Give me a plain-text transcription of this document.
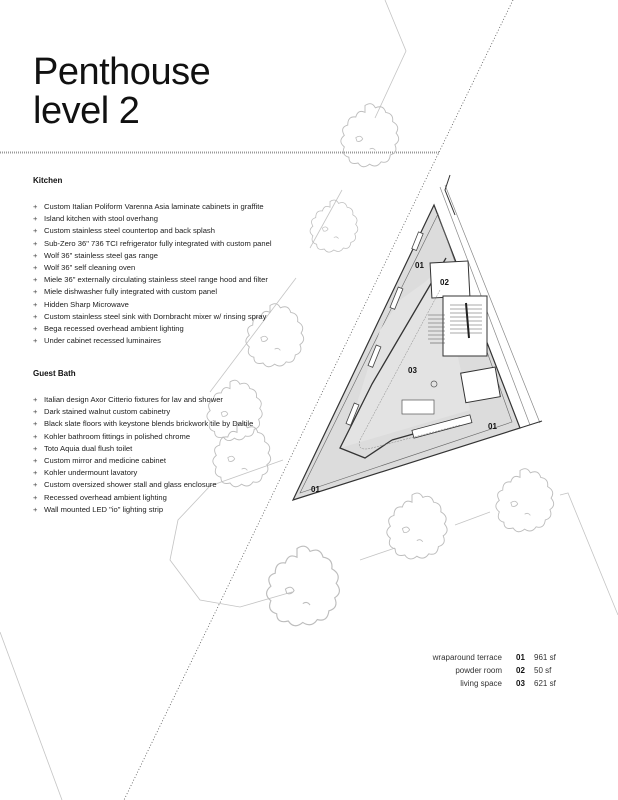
Penthouse
level 2
Kitchen
+ Custom Italian Poliform Varenna Asia laminate cabinets in graffite
+ Island kitchen with stool overhang
+ Custom stainless steel countertop and back splash
+ Sub-Zero 36" 736 TCI refrigerator fully integrated with custom panel
+ Wolf 36" stainless steel gas range
+ Wolf 36" self cleaning oven
+ Miele 36" externally circulating stainless steel range hood and filter
+ Miele dishwasher fully integrated with custom panel
+ Hidden Sharp Microwave
+ Custom stainless steel sink with Dornbracht mixer w/ rinsing spray
+ Bega recessed overhead ambient lighting
+ Under cabinet recessed luminaires
Guest Bath
+ Italian design Axor Citterio fixtures for lav and shower
+ Dark stained walnut custom cabinetry
+ Black slate floors with keystone blends brickwork tile by Daltile
+ Kohler bathroom fittings in polished chrome
+ Toto Aquia dual flush toilet
+ Custom mirror and medicine cabinet
+ Kohler undermount lavatory
+ Custom oversized shower stall and glass enclosure
+ Recessed overhead ambient lighting
+ Wall mounted LED "io" lighting strip
01
02
03
01
01
wraparound terrace	01	961 sf
powder room	02	50 sf
living space	03	621 sf
